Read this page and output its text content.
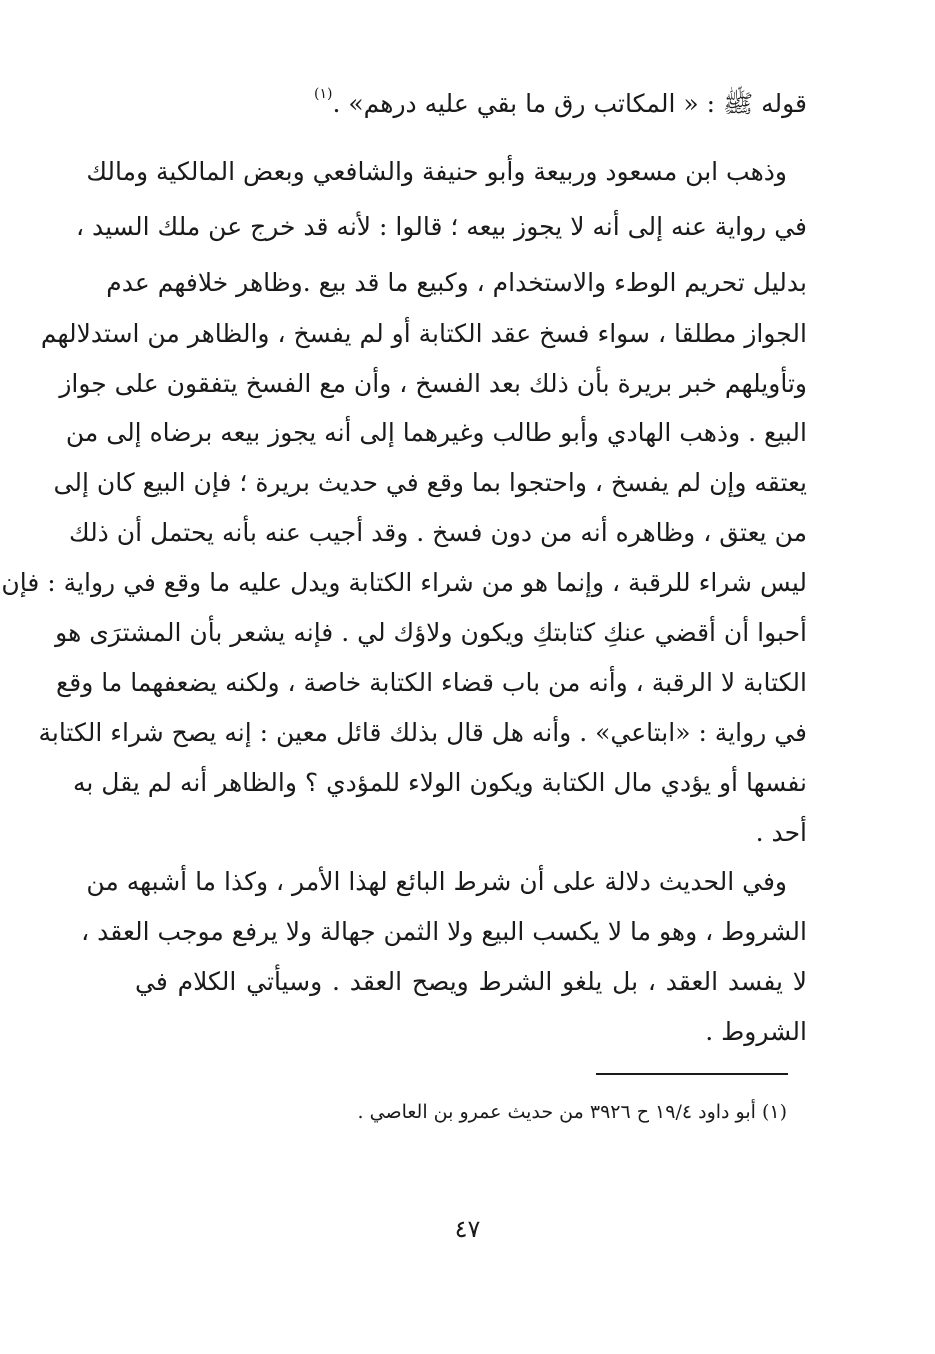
قوله ﷺ : « المكاتب رق ما بقي عليه درهم» .$^{(١)}$
وذهب ابن مسعود وربيعة وأبو حنيفة والشافعي وبعض المالكية ومالك
في رواية عنه إلى أنه لا يجوز بيعه ؛ قالوا : لأنه قد خرج عن ملك السيد ،
بدليل تحريم الوطء والاستخدام ، وكبيع ما قد بيع .وظاهر خلافهم عدم
الجواز مطلقا ، سواء فسخ عقد الكتابة أو لم يفسخ ، والظاهر من استدلالهم
وتأويلهم خبر بريرة بأن ذلك بعد الفسخ ، وأن مع الفسخ يتفقون على جواز
البيع . وذهب الهادي وأبو طالب وغيرهما إلى أنه يجوز بيعه برضاه إلى من
يعتقه وإن لم يفسخ ، واحتجوا بما وقع في حديث بريرة ؛ فإن البيع كان إلى
من يعتق ، وظاهره أنه من دون فسخ . وقد أجيب عنه بأنه يحتمل أن ذلك
ليس شراء للرقبة ، وإنما هو من شراء الكتابة ويدل عليه ما وقع في رواية : فإن
أحبوا أن أقضي عنكِ كتابتكِ ويكون ولاؤك لي . فإنه يشعر بأن المشترَى هو
الكتابة لا الرقبة ، وأنه من باب قضاء الكتابة خاصة ، ولكنه يضعفهما ما وقع
في رواية : «ابتاعي» . وأنه هل قال بذلك قائل معين : إنه يصح شراء الكتابة
نفسها أو يؤدي مال الكتابة ويكون الولاء للمؤدي ؟ والظاهر أنه لم يقل به
أحد .
وفي الحديث دلالة على أن شرط البائع لهذا الأمر ، وكذا ما أشبهه من
الشروط ، وهو ما لا يكسب البيع ولا الثمن جهالة ولا يرفع موجب العقد ،
لا يفسد العقد ، بل يلغو الشرط ويصح العقد . وسيأتي الكلام في
الشروط .
(١) أبو داود ١٩/٤ ح ٣٩٢٦ من حديث عمرو بن العاصي .
٤٧
